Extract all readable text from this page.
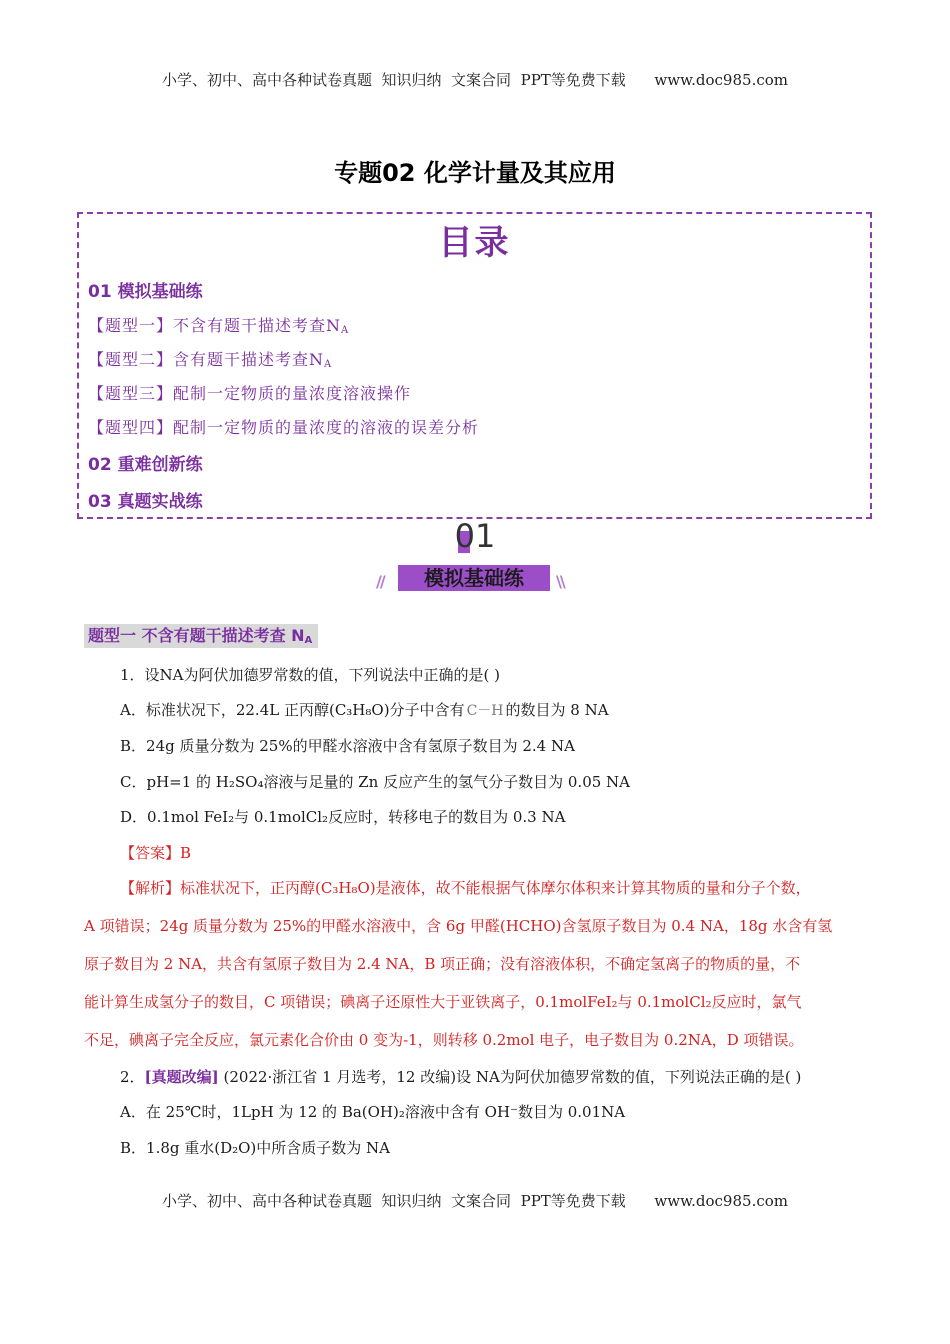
小学、初中、高中各种试卷真题  知识归纳  文案合同  PPT等免费下载      www.doc985.com
专题02 化学计量及其应用
目录
01 模拟基础练
【题型一】不含有题干描述考查$N_A$
【题型二】含有题干描述考查$N_A$
【题型三】配制一定物质的量浓度溶液操作
【题型四】配制一定物质的量浓度的溶液的误差分析
02 重难创新练
03 真题实战练
01
模拟基础练
//	\\
题型一 不含有题干描述考查 $N_A$
1．设NA为阿伏加德罗常数的值，下列说法中正确的是( )
A．标准状况下，22.4L 正丙醇(C₃H₈O)分子中含有 C－H 的数目为 8 NA
B．24g 质量分数为 25%的甲醛水溶液中含有氢原子数目为 2.4 NA
C．pH=1 的 H₂SO₄溶液与足量的 Zn 反应产生的氢气分子数目为 0.05 NA
D．0.1mol FeI₂与 0.1molCl₂反应时，转移电子的数目为 0.3 NA
【答案】B
【解析】标准状况下，正丙醇(C₃H₈O)是液体，故不能根据气体摩尔体积来计算其物质的量和分子个数，
A 项错误；24g 质量分数为 25%的甲醛水溶液中，含 6g 甲醛(HCHO)含氢原子数目为 0.4 NA，18g 水含有氢
原子数目为 2 NA，共含有氢原子数目为 2.4 NA，B 项正确；没有溶液体积，不确定氢离子的物质的量，不
能计算生成氢分子的数目，C 项错误；碘离子还原性大于亚铁离子，0.1molFeI₂与 0.1molCl₂反应时，氯气
不足，碘离子完全反应，氯元素化合价由 0 变为-1，则转移 0.2mol 电子，电子数目为 0.2NA，D 项错误。
2．[真题改编] (2022·浙江省 1 月选考，12 改编)设 NA为阿伏加德罗常数的值，下列说法正确的是( )
A．在 25℃时，1LpH 为 12 的 Ba(OH)₂溶液中含有 OH⁻数目为 0.01NA
B．1.8g 重水(D₂O)中所含质子数为 NA
小学、初中、高中各种试卷真题  知识归纳  文案合同  PPT等免费下载      www.doc985.com
